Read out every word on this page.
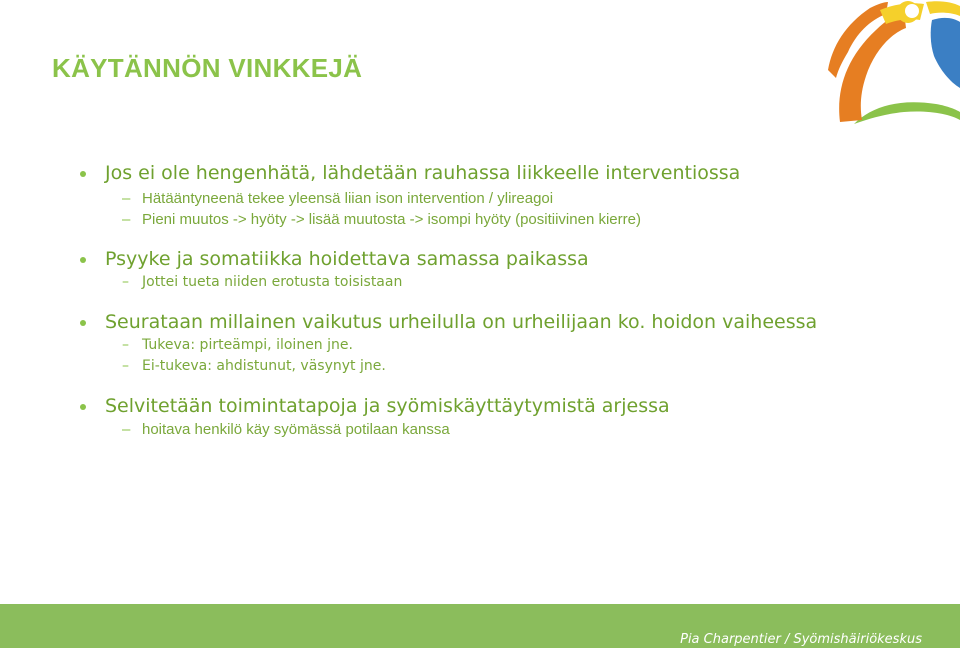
KÄYTÄNNÖN VINKKEJÄ
Jos ei ole hengenhätä, lähdetään rauhassa liikkeelle interventiossa
– Hätääntyneenä tekee yleensä liian ison intervention / ylireagoi
– Pieni muutos -> hyöty -> lisää muutosta -> isompi hyöty (positiivinen kierre)
Psyyke ja somatiikka hoidettava samassa paikassa
– Jottei tueta niiden erotusta toisistaan
Seurataan millainen vaikutus urheilulla on urheilijaan ko. hoidon vaiheessa
– Tukeva: pirteämpi, iloinen jne.
– Ei-tukeva: ahdistunut, väsynyt jne.
Selvitetään toimintatapoja ja syömiskäyttäytymistä arjessa
– hoitava henkilö käy syömässä potilaan kanssa
Pia Charpentier / Syömishäiriökeskus
